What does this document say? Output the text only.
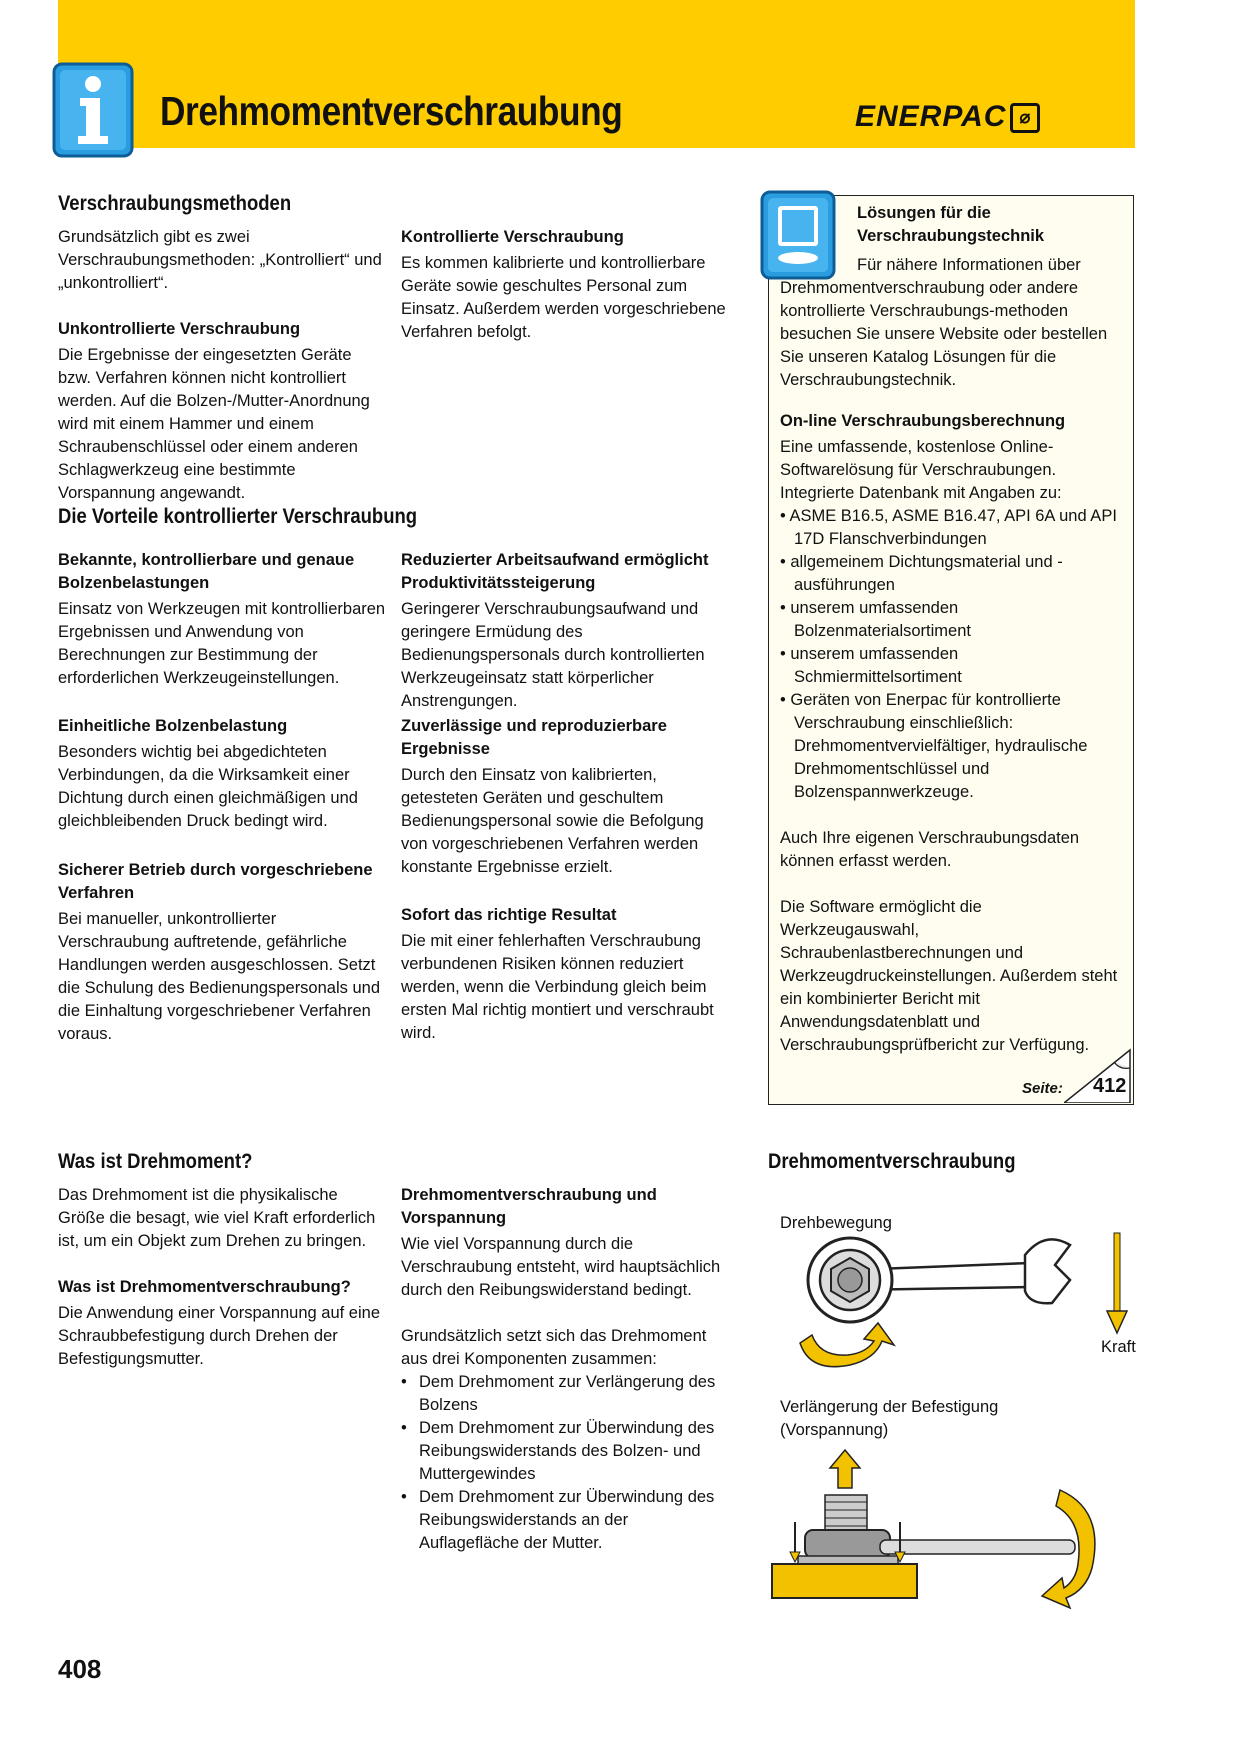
Drehmomentverschraubung	ENERPAC ⌀
Verschraubungsmethoden

Grundsätzlich gibt es zwei Verschraubungsmethoden: „Kontrolliert“ und „unkontrolliert“.

Unkontrollierte Verschraubung

Die Ergebnisse der eingesetzten Geräte bzw. Verfahren können nicht kontrolliert werden. Auf die Bolzen-/Mutter-Anordnung wird mit einem Hammer und einem Schraubenschlüssel oder einem anderen Schlagwerkzeug eine bestimmte Vorspannung angewandt.

Kontrollierte Verschraubung

Es kommen kalibrierte und kontrollierbare Geräte sowie geschultes Personal zum Einsatz. Außerdem werden vorgeschriebene Verfahren befolgt.

Die Vorteile kontrollierter Verschraubung

Bekannte, kontrollierbare und genaue Bolzenbelastungen

Einsatz von Werkzeugen mit kontrollierbaren Ergebnissen und Anwendung von Berechnungen zur Bestimmung der erforderlichen Werkzeugeinstellungen.

Einheitliche Bolzenbelastung

Besonders wichtig bei abgedichteten Verbindungen, da die Wirksamkeit einer Dichtung durch einen gleichmäßigen und gleichbleibenden Druck bedingt wird.

Sicherer Betrieb durch vorgeschriebene Verfahren

Bei manueller, unkontrollierter Verschraubung auftretende, gefährliche Handlungen werden ausgeschlossen. Setzt die Schulung des Bedienungspersonals und die Einhaltung vorgeschriebener Verfahren voraus.

Reduzierter Arbeitsaufwand ermöglicht Produktivitätssteigerung

Geringerer Verschraubungsaufwand und geringere Ermüdung des Bedienungspersonals durch kontrollierten Werkzeugeinsatz statt körperlicher Anstrengungen.

Zuverlässige und reproduzierbare Ergebnisse

Durch den Einsatz von kalibrierten, getesteten Geräten und geschultem Bedienungspersonal sowie die Befolgung von vorgeschriebenen Verfahren werden konstante Ergebnisse erzielt.

Sofort das richtige Resultat

Die mit einer fehlerhaften Verschraubung verbundenen Risiken können reduziert werden, wenn die Verbindung gleich beim ersten Mal richtig montiert und verschraubt wird.

Lösungen für die Verschraubungstechnik

Für nähere Informationen über Drehmomentverschraubung oder andere kontrollierte Verschraubungs-methoden besuchen Sie unsere Website oder bestellen Sie unseren Katalog Lösungen für die Verschraubungstechnik.

On-line Verschraubungsberechnung

Eine umfassende, kostenlose Online-Softwarelösung für Verschraubungen. Integrierte Datenbank mit Angaben zu:

• ASME B16.5, ASME B16.47, API 6A und API 17D Flanschverbindungen

• allgemeinem Dichtungsmaterial und -ausführungen

• unserem umfassenden Bolzenmaterialsortiment

• unserem umfassenden Schmiermittelsortiment

• Geräten von Enerpac für kontrollierte Verschraubung einschließlich: Drehmomentvervielfältiger, hydraulische Drehmomentschlüssel und Bolzenspannwerkzeuge.

Auch Ihre eigenen Verschraubungsdaten können erfasst werden.

Die Software ermöglicht die Werkzeugauswahl, Schraubenlastberechnungen und Werkzeugdruckeinstellungen. Außerdem steht ein kombinierter Bericht mit Anwendungsdatenblatt und Verschraubungsprüfbericht zur Verfügung.

Seite: 412
Was ist Drehmoment?

Das Drehmoment ist die physikalische Größe die besagt, wie viel Kraft erforderlich ist, um ein Objekt zum Drehen zu bringen.

Was ist Drehmomentverschraubung?

Die Anwendung einer Vorspannung auf eine Schraubbefestigung durch Drehen der Befestigungsmutter.

Drehmomentverschraubung und Vorspannung

Wie viel Vorspannung durch die Verschraubung entsteht, wird hauptsächlich durch den Reibungswiderstand bedingt.

Grundsätzlich setzt sich das Drehmoment aus drei Komponenten zusammen:

• Dem Drehmoment zur Verlängerung des Bolzens
• Dem Drehmoment zur Überwindung des Reibungswiderstands des Bolzen- und Muttergewindes
• Dem Drehmoment zur Überwindung des Reibungswiderstands an der Auflagefläche der Mutter.
Drehmomentverschraubung
Drehbewegung
Kraft
Verlängerung der Befestigung (Vorspannung)
408
